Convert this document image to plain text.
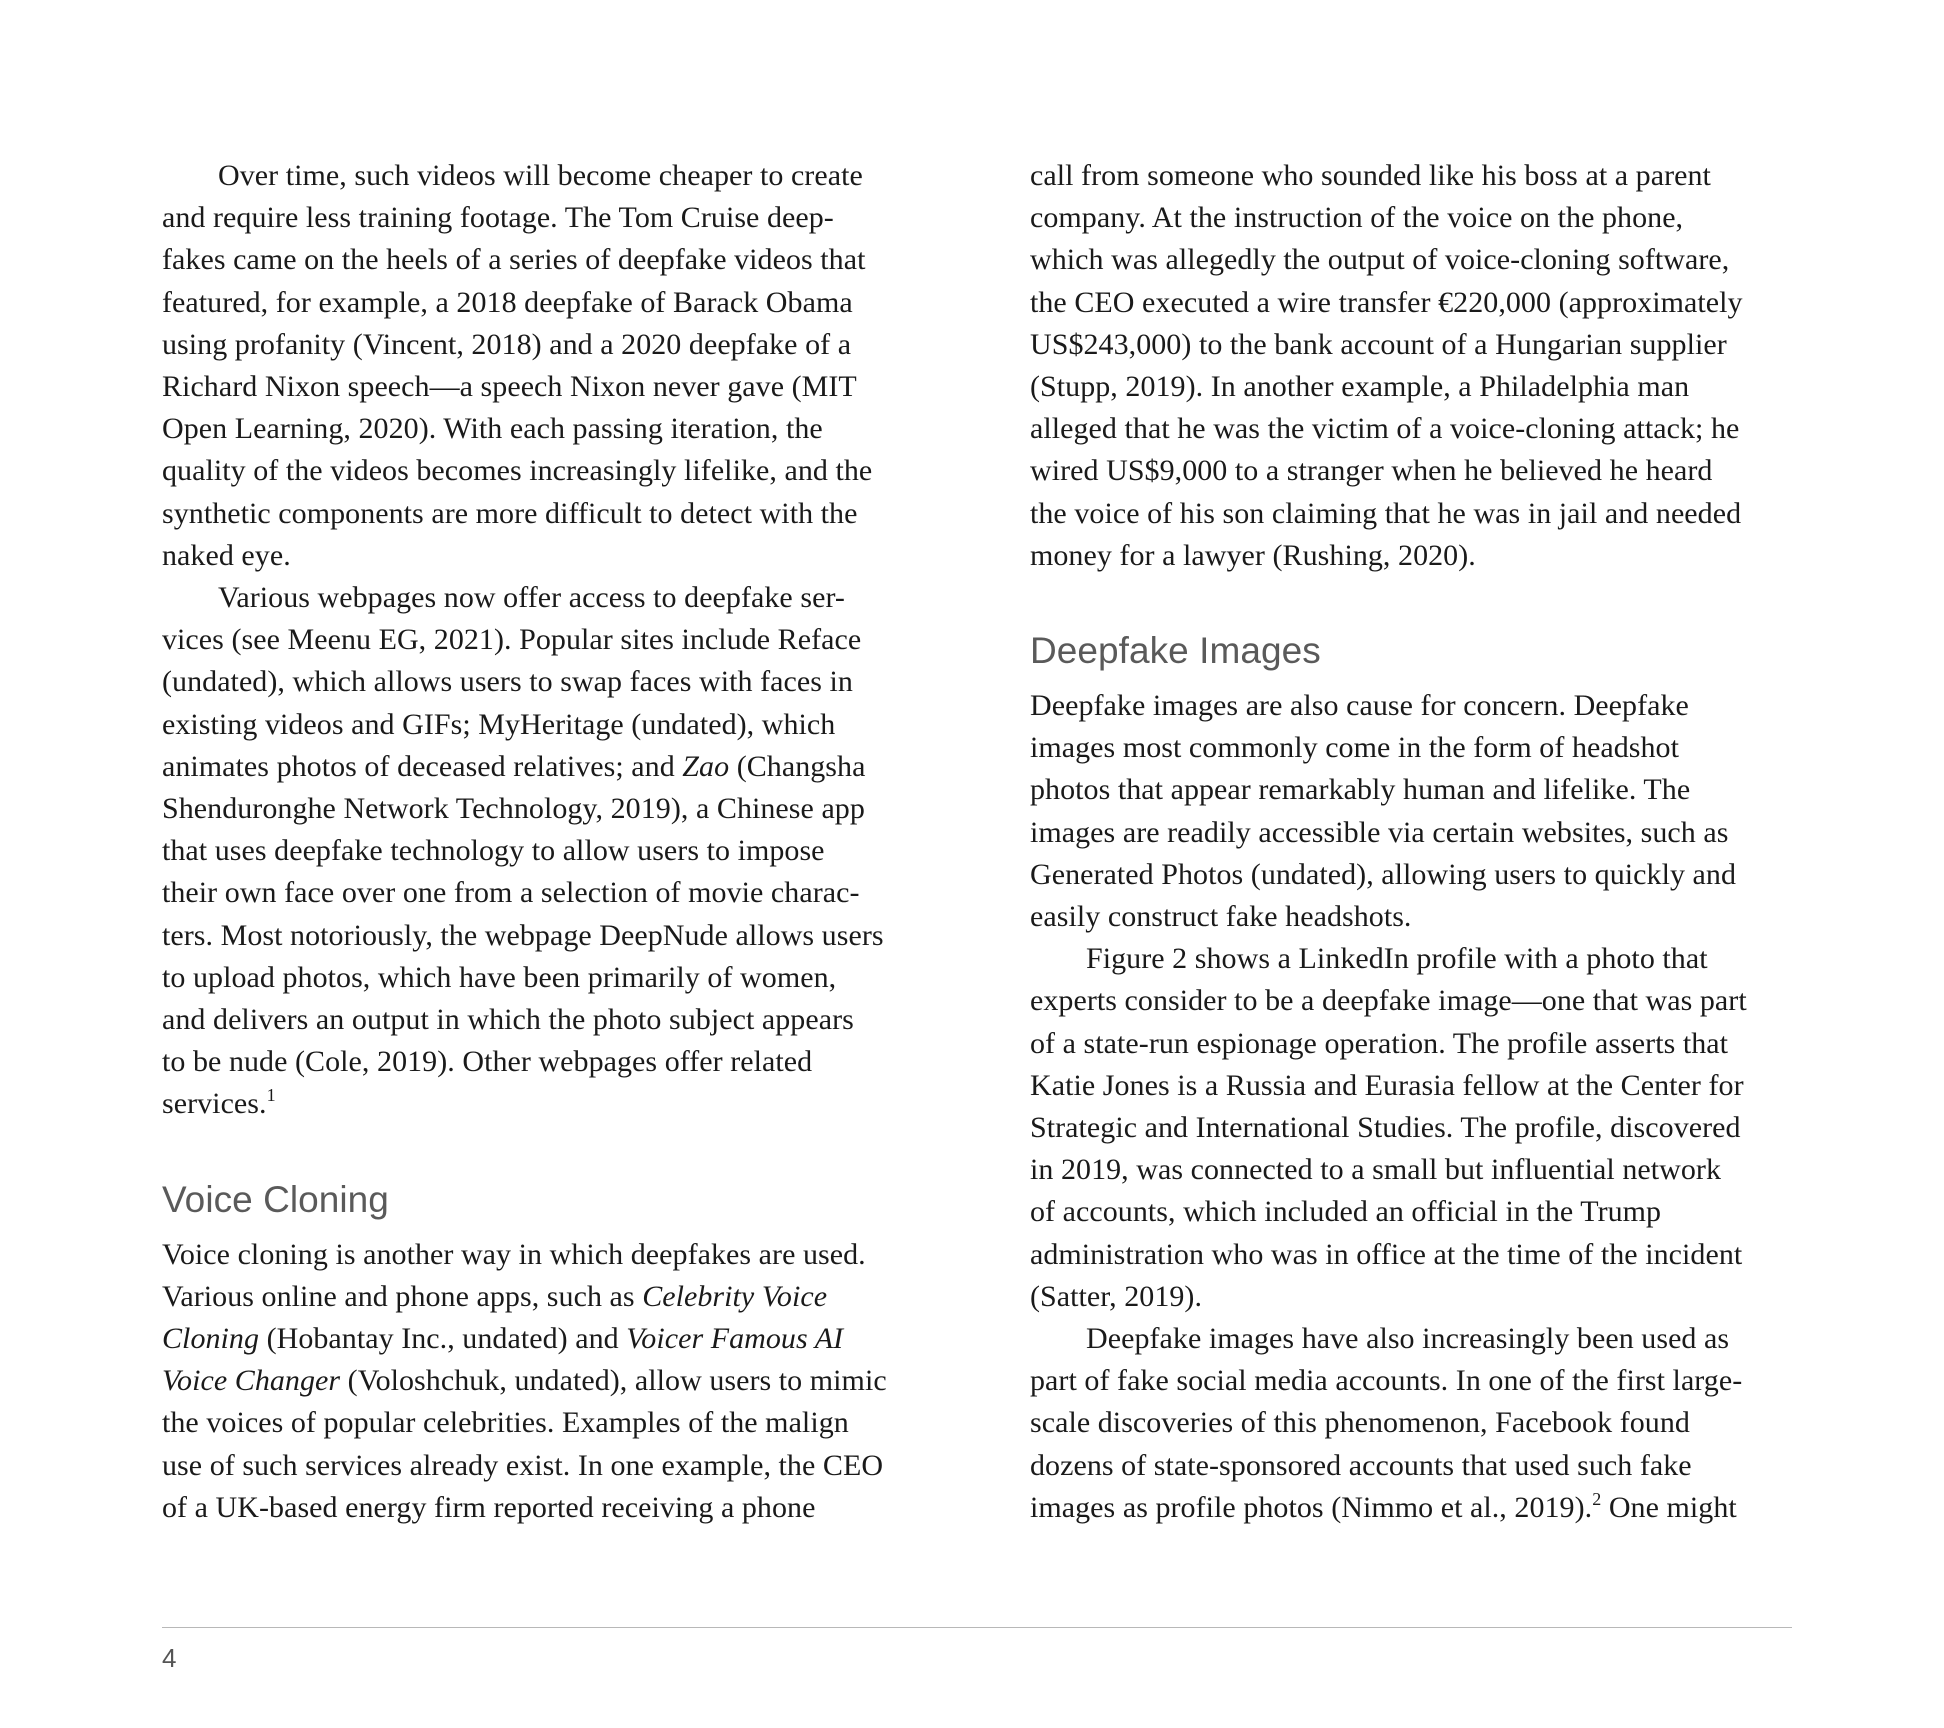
Over time, such videos will become cheaper to create
and require less training footage. The Tom Cruise deep-
fakes came on the heels of a series of deepfake videos that
featured, for example, a 2018 deepfake of Barack Obama
using profanity (Vincent, 2018) and a 2020 deepfake of a
Richard Nixon speech—a speech Nixon never gave (MIT
Open Learning, 2020). With each passing iteration, the
quality of the videos becomes increasingly lifelike, and the
synthetic components are more difficult to detect with the
naked eye.
Various webpages now offer access to deepfake ser-
vices (see Meenu EG, 2021). Popular sites include Reface
(undated), which allows users to swap faces with faces in
existing videos and GIFs; MyHeritage (undated), which
animates photos of deceased relatives; and Zao (Changsha
Shenduronghe Network Technology, 2019), a Chinese app
that uses deepfake technology to allow users to impose
their own face over one from a selection of movie charac-
ters. Most notoriously, the webpage DeepNude allows users
to upload photos, which have been primarily of women,
and delivers an output in which the photo subject appears
to be nude (Cole, 2019). Other webpages offer related
services.$^1$
Voice Cloning
Voice cloning is another way in which deepfakes are used.
Various online and phone apps, such as Celebrity Voice
Cloning (Hobantay Inc., undated) and Voicer Famous AI
Voice Changer (Voloshchuk, undated), allow users to mimic
the voices of popular celebrities. Examples of the malign
use of such services already exist. In one example, the CEO
of a UK-based energy firm reported receiving a phone
call from someone who sounded like his boss at a parent
company. At the instruction of the voice on the phone,
which was allegedly the output of voice-cloning software,
the CEO executed a wire transfer €220,000 (approximately
US$243,000) to the bank account of a Hungarian supplier
(Stupp, 2019). In another example, a Philadelphia man
alleged that he was the victim of a voice-cloning attack; he
wired US$9,000 to a stranger when he believed he heard
the voice of his son claiming that he was in jail and needed
money for a lawyer (Rushing, 2020).
Deepfake Images
Deepfake images are also cause for concern. Deepfake
images most commonly come in the form of headshot
photos that appear remarkably human and lifelike. The
images are readily accessible via certain websites, such as
Generated Photos (undated), allowing users to quickly and
easily construct fake headshots.
Figure 2 shows a LinkedIn profile with a photo that
experts consider to be a deepfake image—one that was part
of a state-run espionage operation. The profile asserts that
Katie Jones is a Russia and Eurasia fellow at the Center for
Strategic and International Studies. The profile, discovered
in 2019, was connected to a small but influential network
of accounts, which included an official in the Trump
administration who was in office at the time of the incident
(Satter, 2019).
Deepfake images have also increasingly been used as
part of fake social media accounts. In one of the first large-
scale discoveries of this phenomenon, Facebook found
dozens of state-sponsored accounts that used such fake
images as profile photos (Nimmo et al., 2019).$^2$ One might
4
